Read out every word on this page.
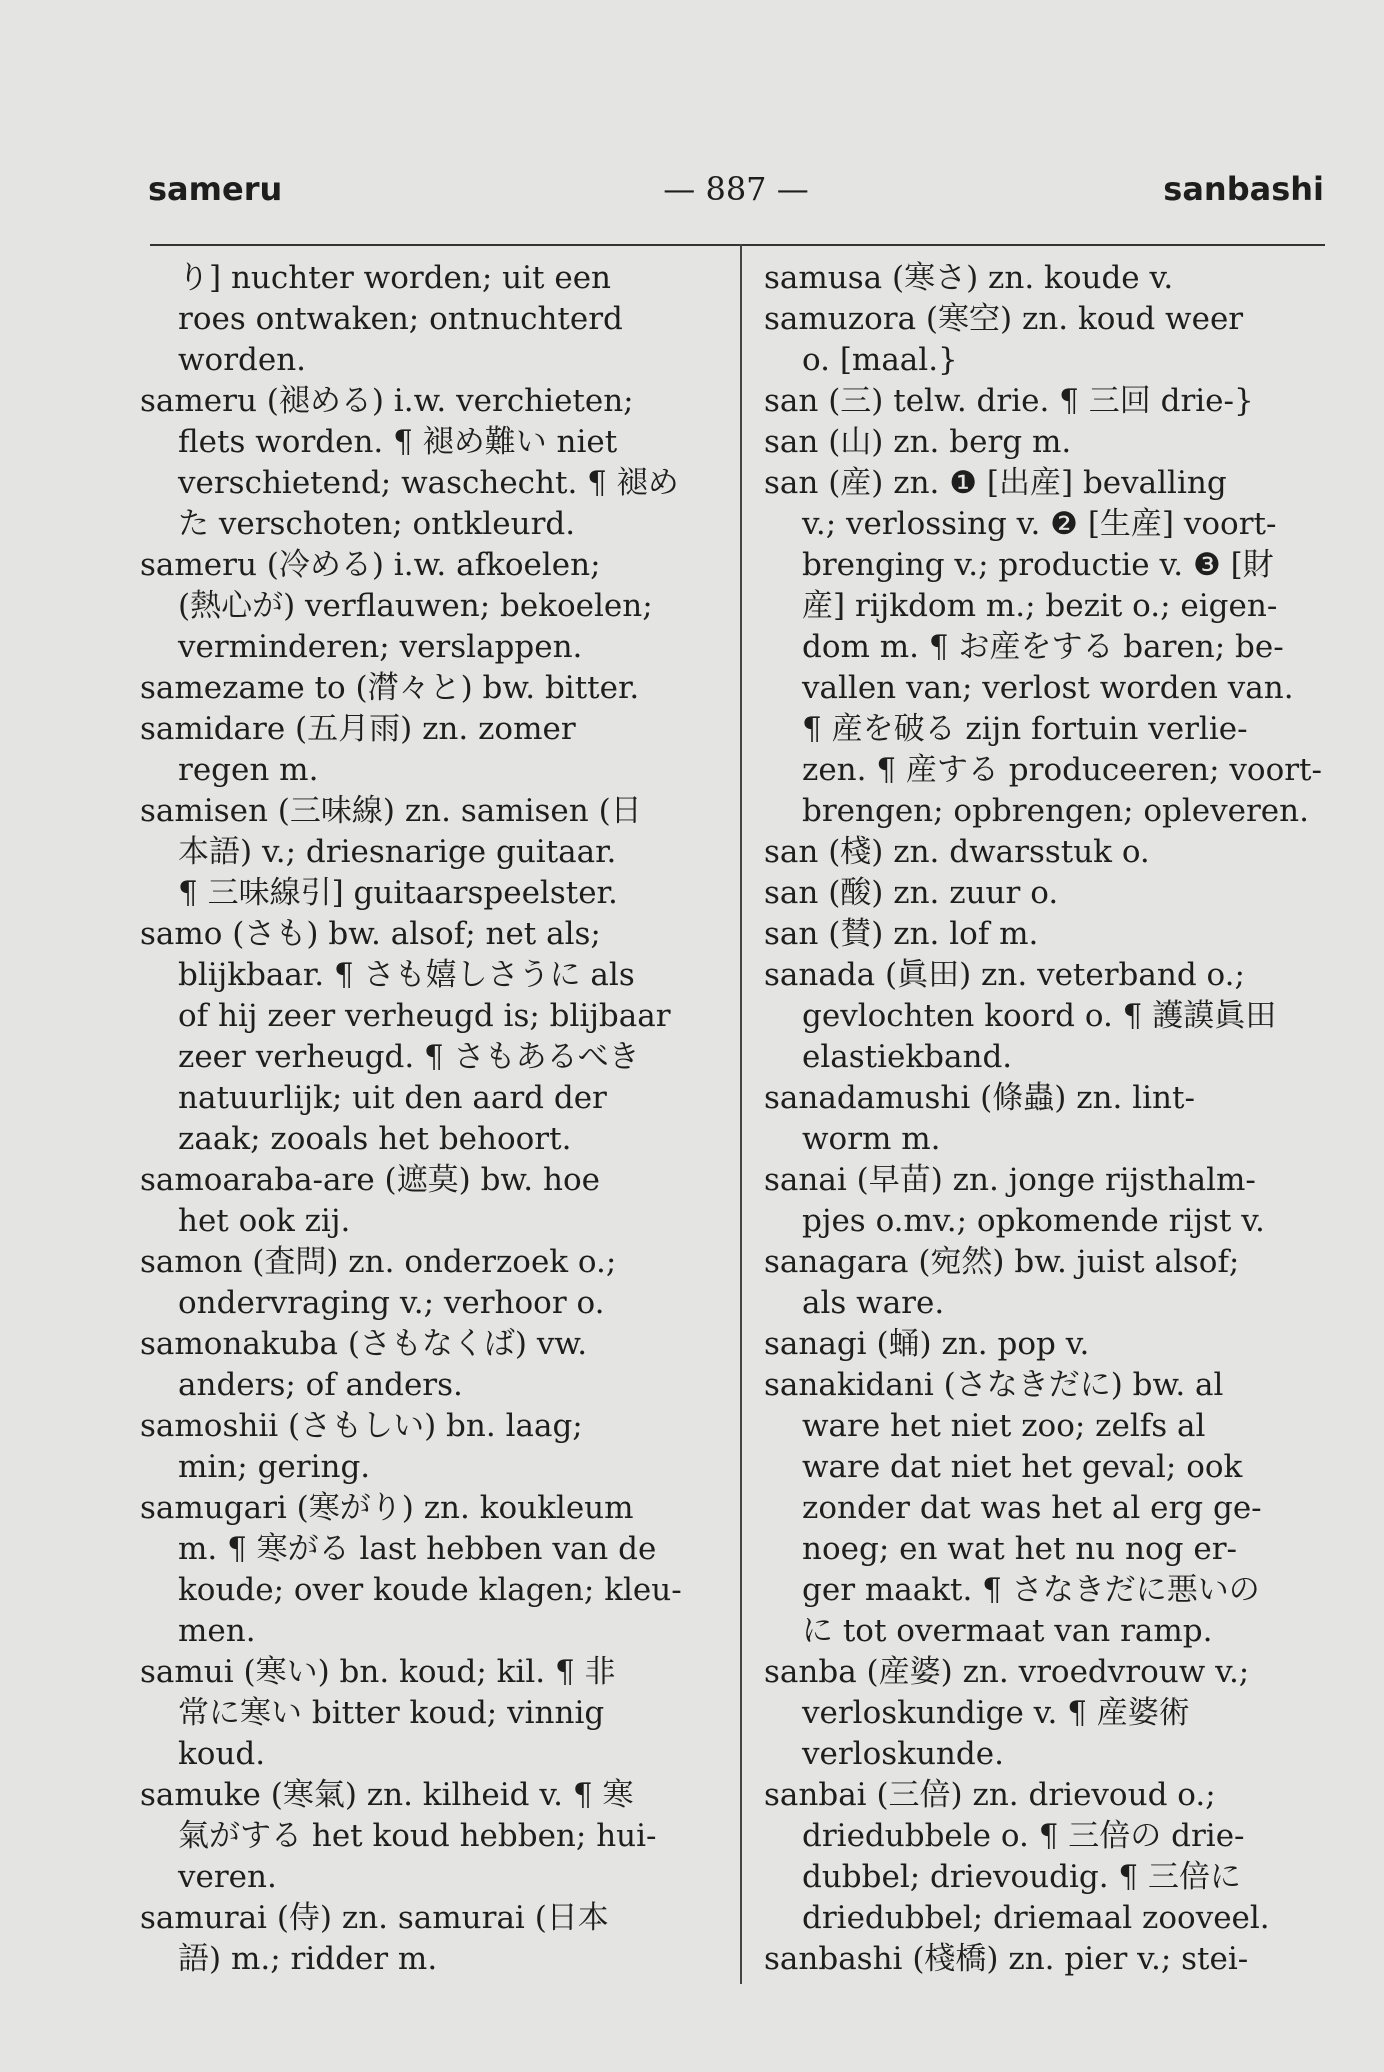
sameru	— 887 —	sanbashi
り] nuchter worden; uit een
roes ontwaken; ontnuchterd
worden.
sameru (褪める) i.w. verchieten;
flets worden. ¶ 褪め難い niet
verschietend; waschecht. ¶ 褪め
た verschoten; ontkleurd.
sameru (冷める) i.w. afkoelen;
(熱心が) verflauwen; bekoelen;
verminderen; verslappen.
samezame to (潸々と) bw. bitter.
samidare (五月雨) zn. zomer
regen m.
samisen (三味線) zn. samisen (日
本語) v.; driesnarige guitaar.
¶ 三味線引] guitaarspeelster.
samo (さも) bw. alsof; net als;
blijkbaar. ¶ さも嬉しさうに als
of hij zeer verheugd is; blijbaar
zeer verheugd. ¶ さもあるべき
natuurlijk; uit den aard der
zaak; zooals het behoort.
samoaraba-are (遮莫) bw. hoe
het ook zij.
samon (査問) zn. onderzoek o.;
ondervraging v.; verhoor o.
samonakuba (さもなくば) vw.
anders; of anders.
samoshii (さもしい) bn. laag;
min; gering.
samugari (寒がり) zn. koukleum
m. ¶ 寒がる last hebben van de
koude; over koude klagen; kleu-
men.
samui (寒い) bn. koud; kil. ¶ 非
常に寒い bitter koud; vinnig
koud.
samuke (寒氣) zn. kilheid v. ¶ 寒
氣がする het koud hebben; hui-
veren.
samurai (侍) zn. samurai (日本
語) m.; ridder m.
samusa (寒さ) zn. koude v.
samuzora (寒空) zn. koud weer
o. [maal.}
san (三) telw. drie. ¶ 三回 drie-}
san (山) zn. berg m.
san (産) zn. ❶ [出産] bevalling
v.; verlossing v. ❷ [生産] voort-
brenging v.; productie v. ❸ [財
産] rijkdom m.; bezit o.; eigen-
dom m. ¶ お産をする baren; be-
vallen van; verlost worden van.
¶ 産を破る zijn fortuin verlie-
zen. ¶ 産する produceeren; voort-
brengen; opbrengen; opleveren.
san (棧) zn. dwarsstuk o.
san (酸) zn. zuur o.
san (賛) zn. lof m.
sanada (眞田) zn. veterband o.;
gevlochten koord o. ¶ 護謨眞田
elastiekband.
sanadamushi (條蟲) zn. lint-
worm m.
sanai (早苗) zn. jonge rijsthalm-
pjes o.mv.; opkomende rijst v.
sanagara (宛然) bw. juist alsof;
als ware.
sanagi (蛹) zn. pop v.
sanakidani (さなきだに) bw. al
ware het niet zoo; zelfs al
ware dat niet het geval; ook
zonder dat was het al erg ge-
noeg; en wat het nu nog er-
ger maakt. ¶ さなきだに悪いの
に tot overmaat van ramp.
sanba (産婆) zn. vroedvrouw v.;
verloskundige v. ¶ 産婆術
verloskunde.
sanbai (三倍) zn. drievoud o.;
driedubbele o. ¶ 三倍の drie-
dubbel; drievoudig. ¶ 三倍に
driedubbel; driemaal zooveel.
sanbashi (棧橋) zn. pier v.; stei-
